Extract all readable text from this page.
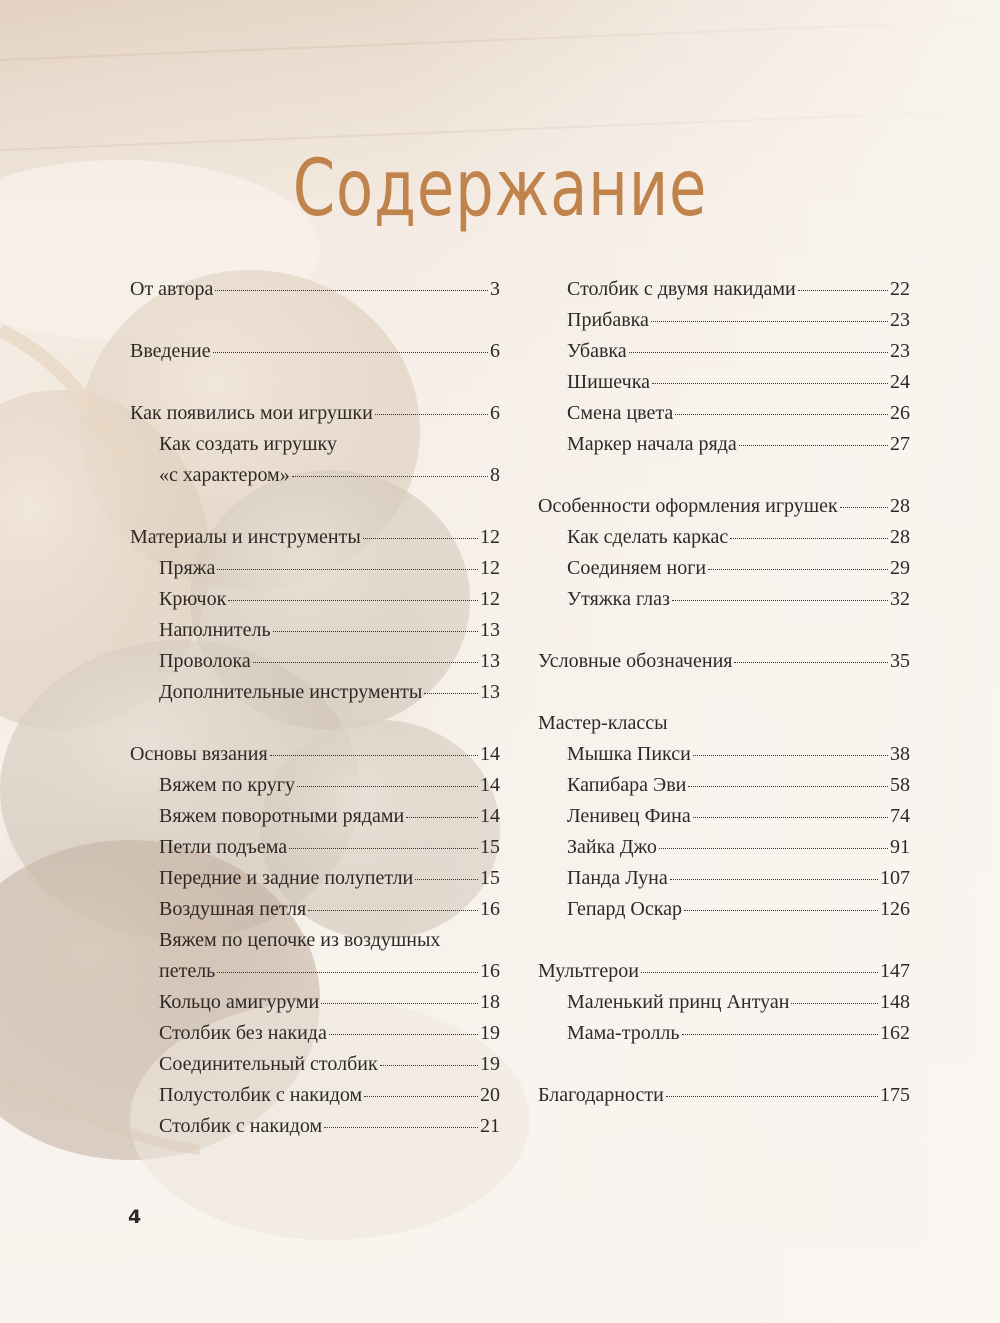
Содержание
От автора	3
Введение	6
Как появились мои игрушки	6
Как создать игрушку
«с характером»	8
Материалы и инструменты	12
Пряжа	12
Крючок	12
Наполнитель	13
Проволока	13
Дополнительные инструменты	13
Основы вязания	14
Вяжем по кругу	14
Вяжем поворотными рядами	14
Петли подъема	15
Передние и задние полупетли	15
Воздушная петля	16
Вяжем по цепочке из воздушных
петель	16
Кольцо амигуруми	18
Столбик без накида	19
Соединительный столбик	19
Полустолбик с накидом	20
Столбик с накидом	21
Столбик с двумя накидами	22
Прибавка	23
Убавка	23
Шишечка	24
Смена цвета	26
Маркер начала ряда	27
Особенности оформления игрушек	28
Как сделать каркас	28
Соединяем ноги	29
Утяжка глаз	32
Условные обозначения	35
Мастер-классы
Мышка Пикси	38
Капибара Эви	58
Ленивец Фина	74
Зайка Джо	91
Панда Луна	107
Гепард Оскар	126
Мультгерои	147
Маленький принц Антуан	148
Мама-тролль	162
Благодарности	175
4
